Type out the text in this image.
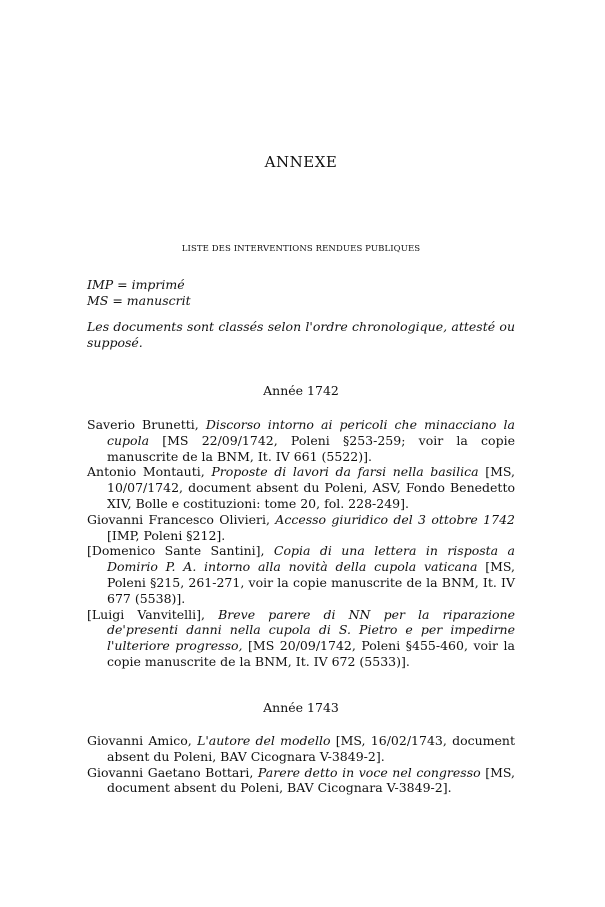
ANNEXE
LISTE DES INTERVENTIONS RENDUES PUBLIQUES
IMP = imprimé
MS = manuscrit
Les documents sont classés selon l'ordre chronologique, attesté ou supposé.
Année 1742
Saverio Brunetti, Discorso intorno ai pericoli che minacciano la cupola [MS 22/09/1742, Poleni §253-259; voir la copie manuscrite de la BNM, It. IV 661 (5522)].
Antonio Montauti, Proposte di lavori da farsi nella basilica [MS, 10/07/1742, document absent du Poleni, ASV, Fondo Benedetto XIV, Bolle e costituzioni: tome 20, fol. 228-249].
Giovanni Francesco Olivieri, Accesso giuridico del 3 ottobre 1742 [IMP, Poleni §212].
[Domenico Sante Santini], Copia di una lettera in risposta a Domirio P. A. intorno alla novità della cupola vaticana [MS, Poleni §215, 261-271, voir la copie manuscrite de la BNM, It. IV 677 (5538)].
[Luigi Vanvitelli], Breve parere di NN per la riparazione de'presenti danni nella cupola di S. Pietro e per impedirne l'ulteriore progresso, [MS 20/09/1742, Poleni §455-460, voir la copie manuscrite de la BNM, It. IV 672 (5533)].
Année 1743
Giovanni Amico, L'autore del modello [MS, 16/02/1743, document absent du Poleni, BAV Cicognara V-3849-2].
Giovanni Gaetano Bottari, Parere detto in voce nel congresso [MS, document absent du Poleni, BAV Cicognara V-3849-2].
